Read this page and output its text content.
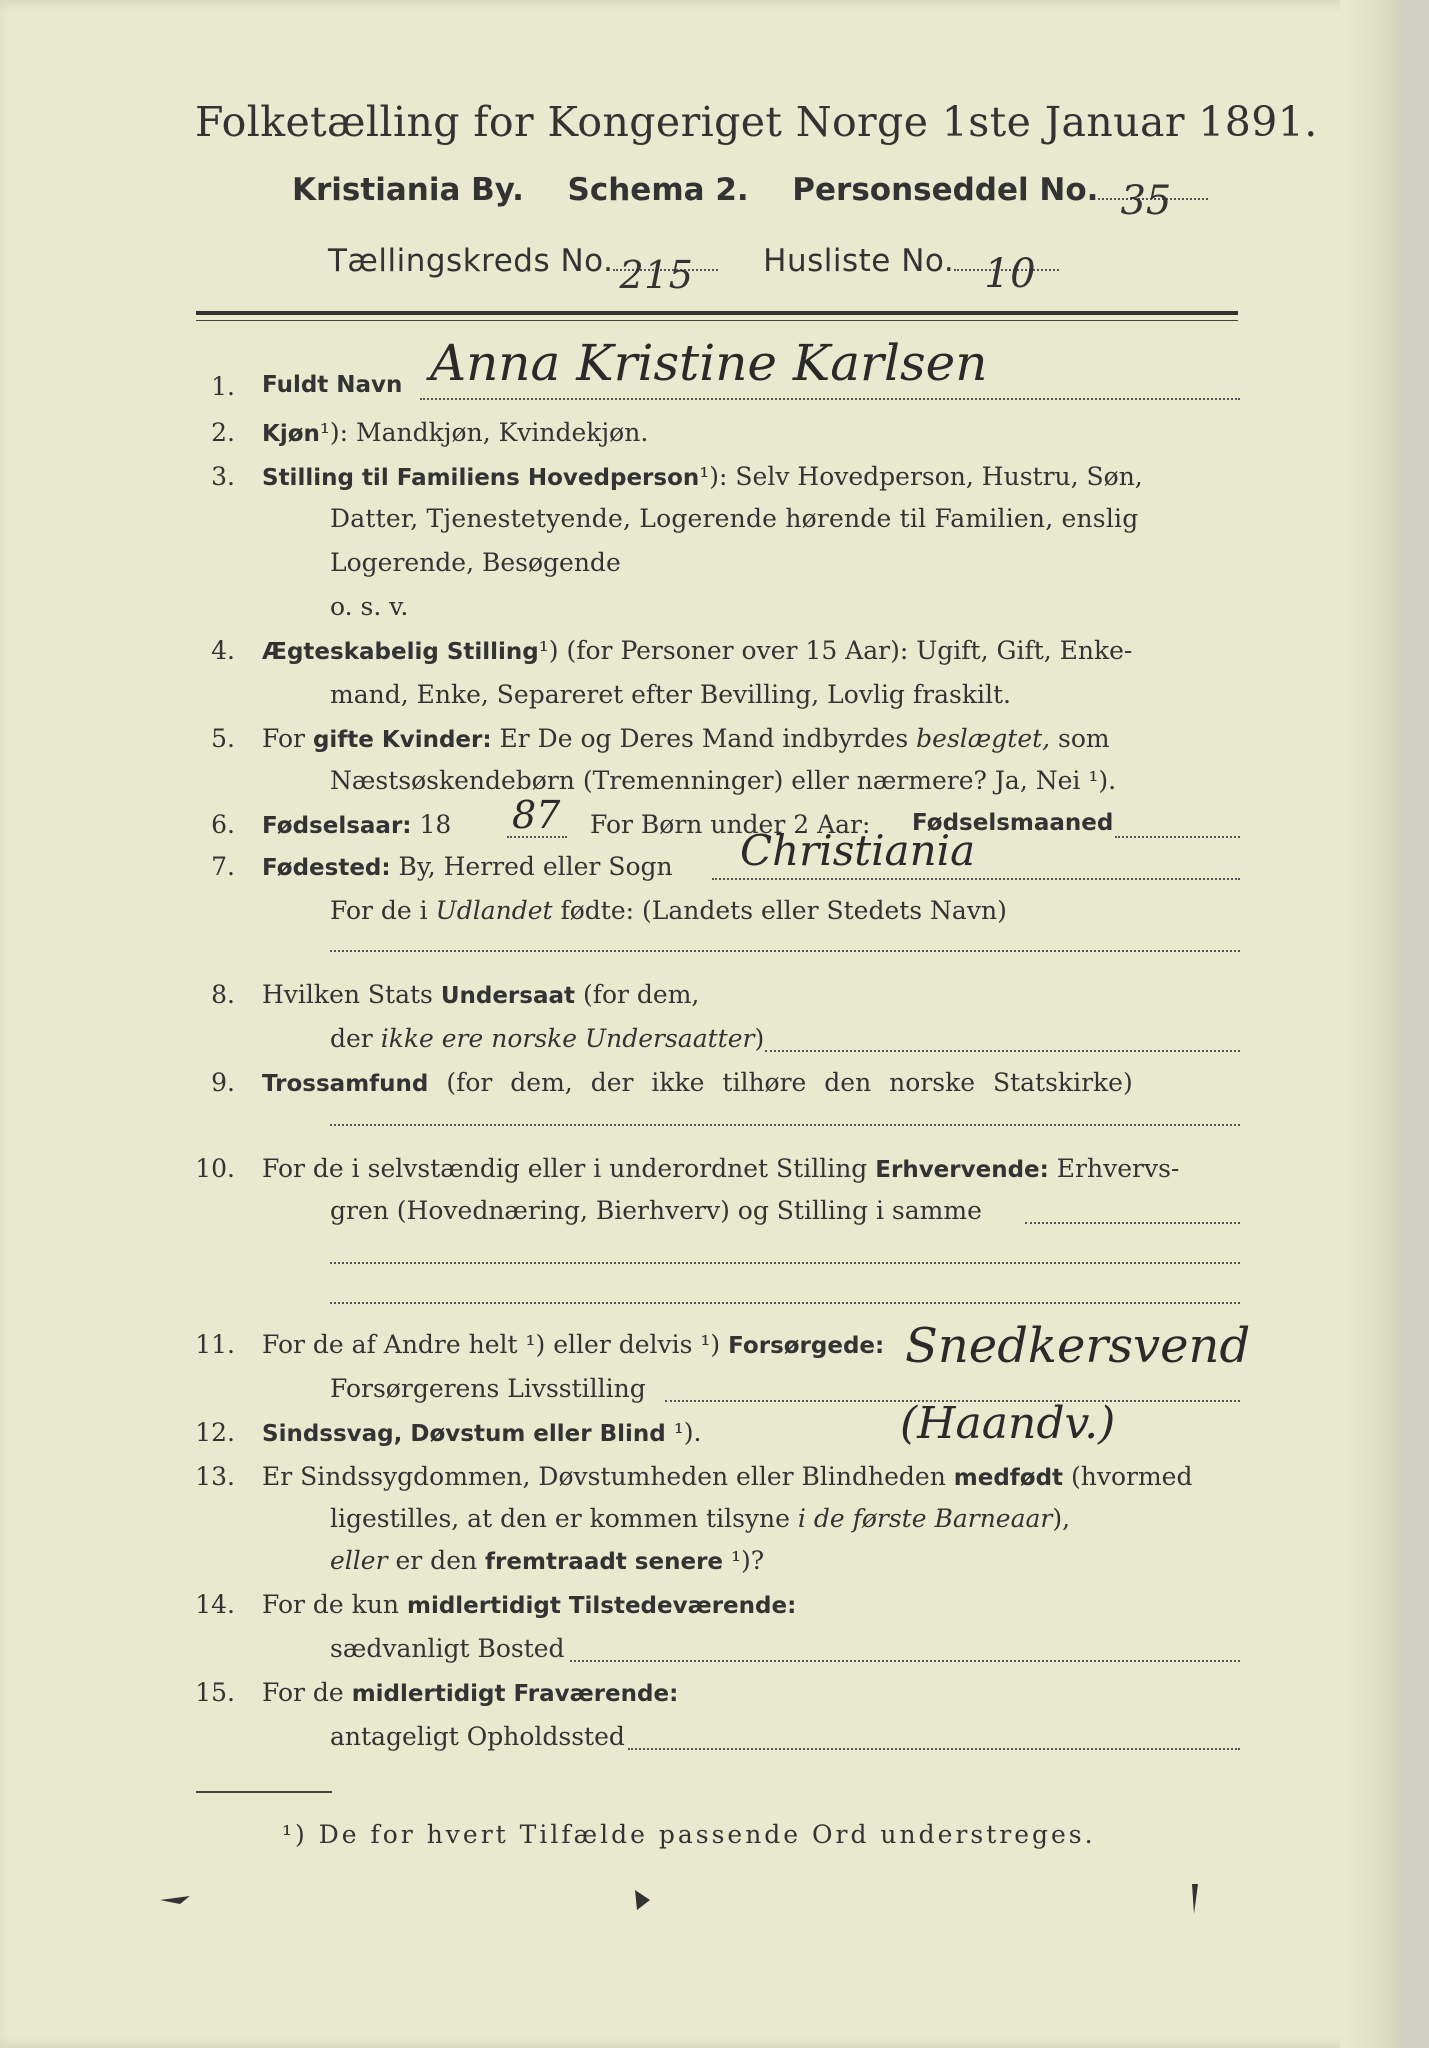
Folketælling for Kongeriget Norge 1ste Januar 1891.
Kristiania By. Schema 2. Personseddel No. 35
Tællingskreds No. 215 Husliste No. 10
1. Fuldt Navn Anna Kristine Karlsen
2. Kjøn¹): Mandkjøn, Kvindekjøn.
3. Stilling til Familiens Hovedperson¹): Selv Hovedperson, Hustru, Søn,
Datter, Tjenestetyende, Logerende hørende til Familien, enslig
Logerende, Besøgende
o. s. v.
4. Ægteskabelig Stilling¹) (for Personer over 15 Aar): Ugift, Gift, Enke-
mand, Enke, Separeret efter Bevilling, Lovlig fraskilt.
5. For gifte Kvinder: Er De og Deres Mand indbyrdes beslægtet, som
Næstsøskendebørn (Tremenninger) eller nærmere? Ja, Nei ¹).
6. Fødselsaar: 18	For Børn under 2 Aar: Fødselsmaaned
87
7. Fødested: By, Herred eller Sogn Christiania
For de i Udlandet fødte: (Landets eller Stedets Navn)
8. Hvilken Stats Undersaat (for dem,
der ikke ere norske Undersaatter)
9. Trossamfund (for dem, der ikke tilhøre den norske Statskirke)
10. For de i selvstændig eller i underordnet Stilling Erhvervende: Erhvervs-
gren (Hovednæring, Bierhverv) og Stilling i samme
11. For de af Andre helt ¹) eller delvis ¹) Forsørgede:
Forsørgerens Livsstilling
Snedkersvend
12. Sindssvag, Døvstum eller Blind ¹).	(Haandv.)
13. Er Sindssygdommen, Døvstumheden eller Blindheden medfødt (hvormed
ligestilles, at den er kommen tilsyne i de første Barneaar),
eller er den fremtraadt senere ¹)?
14. For de kun midlertidigt Tilstedeværende:
sædvanligt Bosted
15. For de midlertidigt Fraværende:
antageligt Opholdssted
¹) De for hvert Tilfælde passende Ord understreges.
